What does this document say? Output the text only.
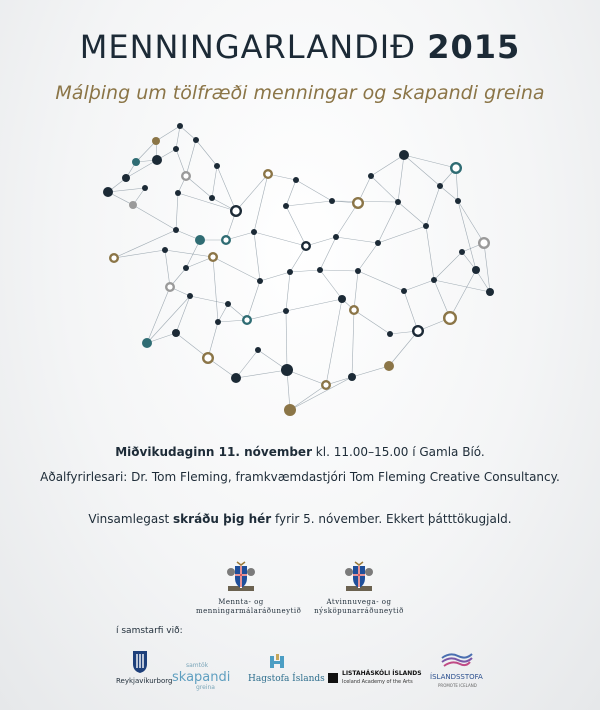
MENNINGARLANDIÐ 2015
Málþing um tölfræði menningar og skapandi greina
Miðvikudaginn 11. nóvember kl. 11.00–15.00 í Gamla Bíó.
Aðalfyrirlesari: Dr. Tom Fleming, framkvæmdastjóri Tom Fleming Creative Consultancy.
Vinsamlegast skráðu þig hér fyrir 5. nóvember. Ekkert þátttökugjald.
Mennta- og
menningarmálaráðuneytið
Atvinnuvega- og
nýsköpunarráðuneytið
í samstarfi við:
Reykjavíkurborg
samtök
skapandi
greina
Hagstofa Íslands
LISTAHÁSKÓLI ÍSLANDS
Iceland Academy of the Arts
ÍSLANDSSTOFA
PROMOTE ICELAND
